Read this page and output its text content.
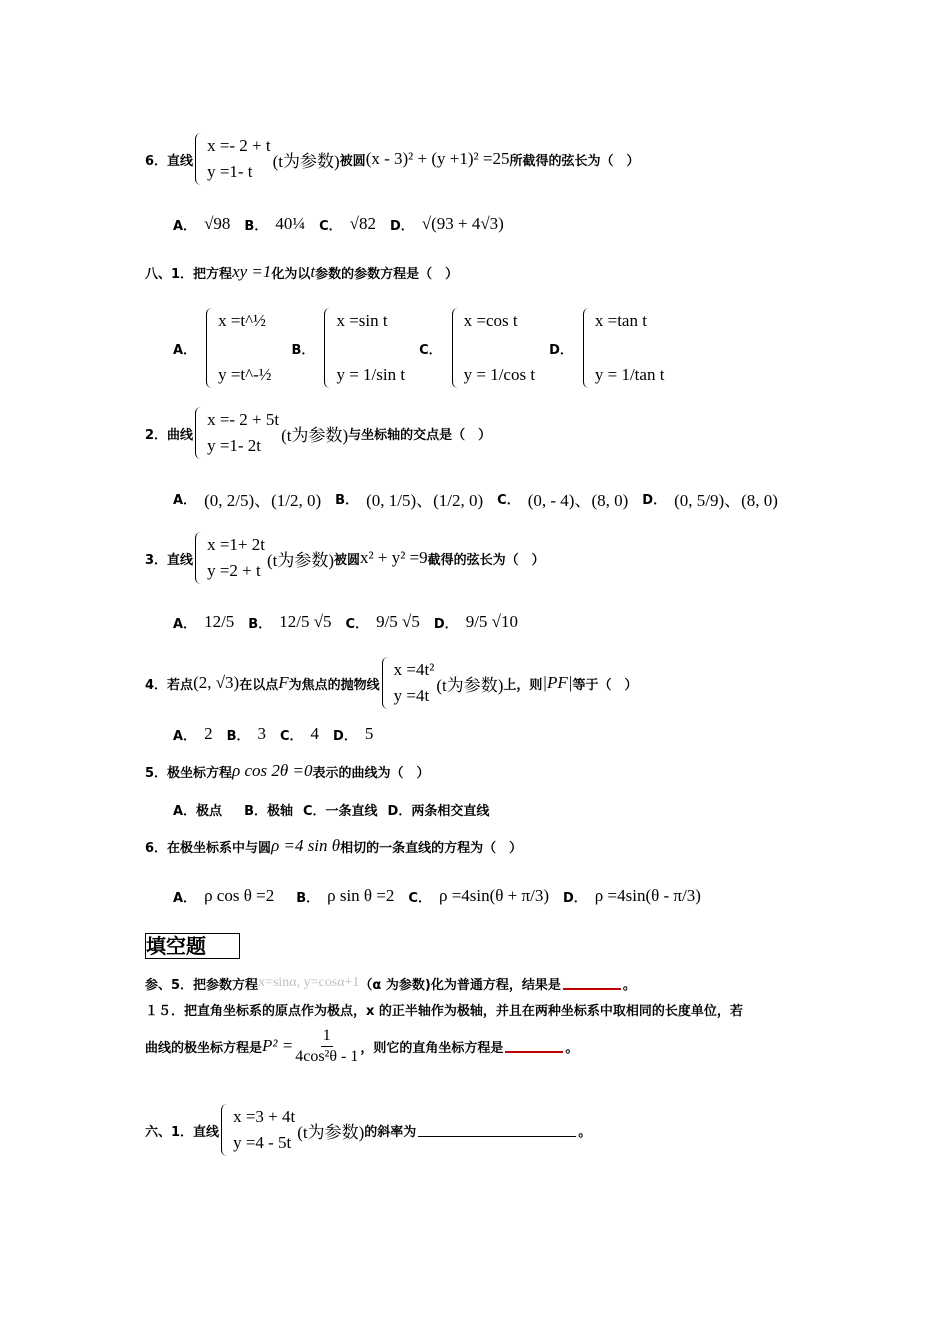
6． 直线
x =- 2 + t
y =1- t
(t为参数) 被圆 (x - 3)² + (y +1)² =25 所截得的弦长为（　）
A． √98 B． 40¼ C． √82 D． √(93 + 4√3)
八、1． 把方程 xy =1 化为以 t 参数的参数方程是（　）
A．
x =t^½
y =t^-½
B．
x =sin t
y = 1/sin t
C．
x =cos t
y = 1/cos t
D．
x =tan t
y = 1/tan t
2． 曲线
x =- 2 + 5t
y =1- 2t
(t为参数) 与坐标轴的交点是（　）
A． (0, 2/5)、(1/2, 0) B． (0, 1/5)、(1/2, 0) C． (0, - 4)、(8, 0) D． (0, 5/9)、(8, 0)
3． 直线
x =1+ 2t
y =2 + t
(t为参数) 被圆 x² + y² =9 截得的弦长为（　）
A． 12/5 B． 12/5 √5 C． 9/5 √5 D． 9/5 √10
4． 若点 (2, √3) 在以点 F 为焦点的抛物线
x =4t²
y =4t
(t为参数) 上，则 |PF| 等于（　）
A． 2 B． 3 C． 4 D． 5
5． 极坐标方程 ρ cos 2θ =0 表示的曲线为（　）
A．极点 B．极轴 C．一条直线 D．两条相交直线
6． 在极坐标系中与圆 ρ =4 sin θ 相切的一条直线的方程为（　）
A． ρ cos θ =2 B． ρ sin θ =2 C． ρ =4sin(θ + π/3) D． ρ =4sin(θ - π/3)
填空题
参、5． 把参数方程 x=sinα, y=cosα+1 （α 为参数)化为普通方程，结果是	。
１５．把直角坐标系的原点作为极点，x 的正半轴作为极轴，并且在两种坐标系中取相同的长度单位，若
曲线的极坐标方程是 $P^2 = \frac{1}{\text{4cos²θ - 1}}$ ，则它的直角坐标方程是	。
六、1． 直线
x =3 + 4t
y =4 - 5t
(t为参数) 的斜率为	。
